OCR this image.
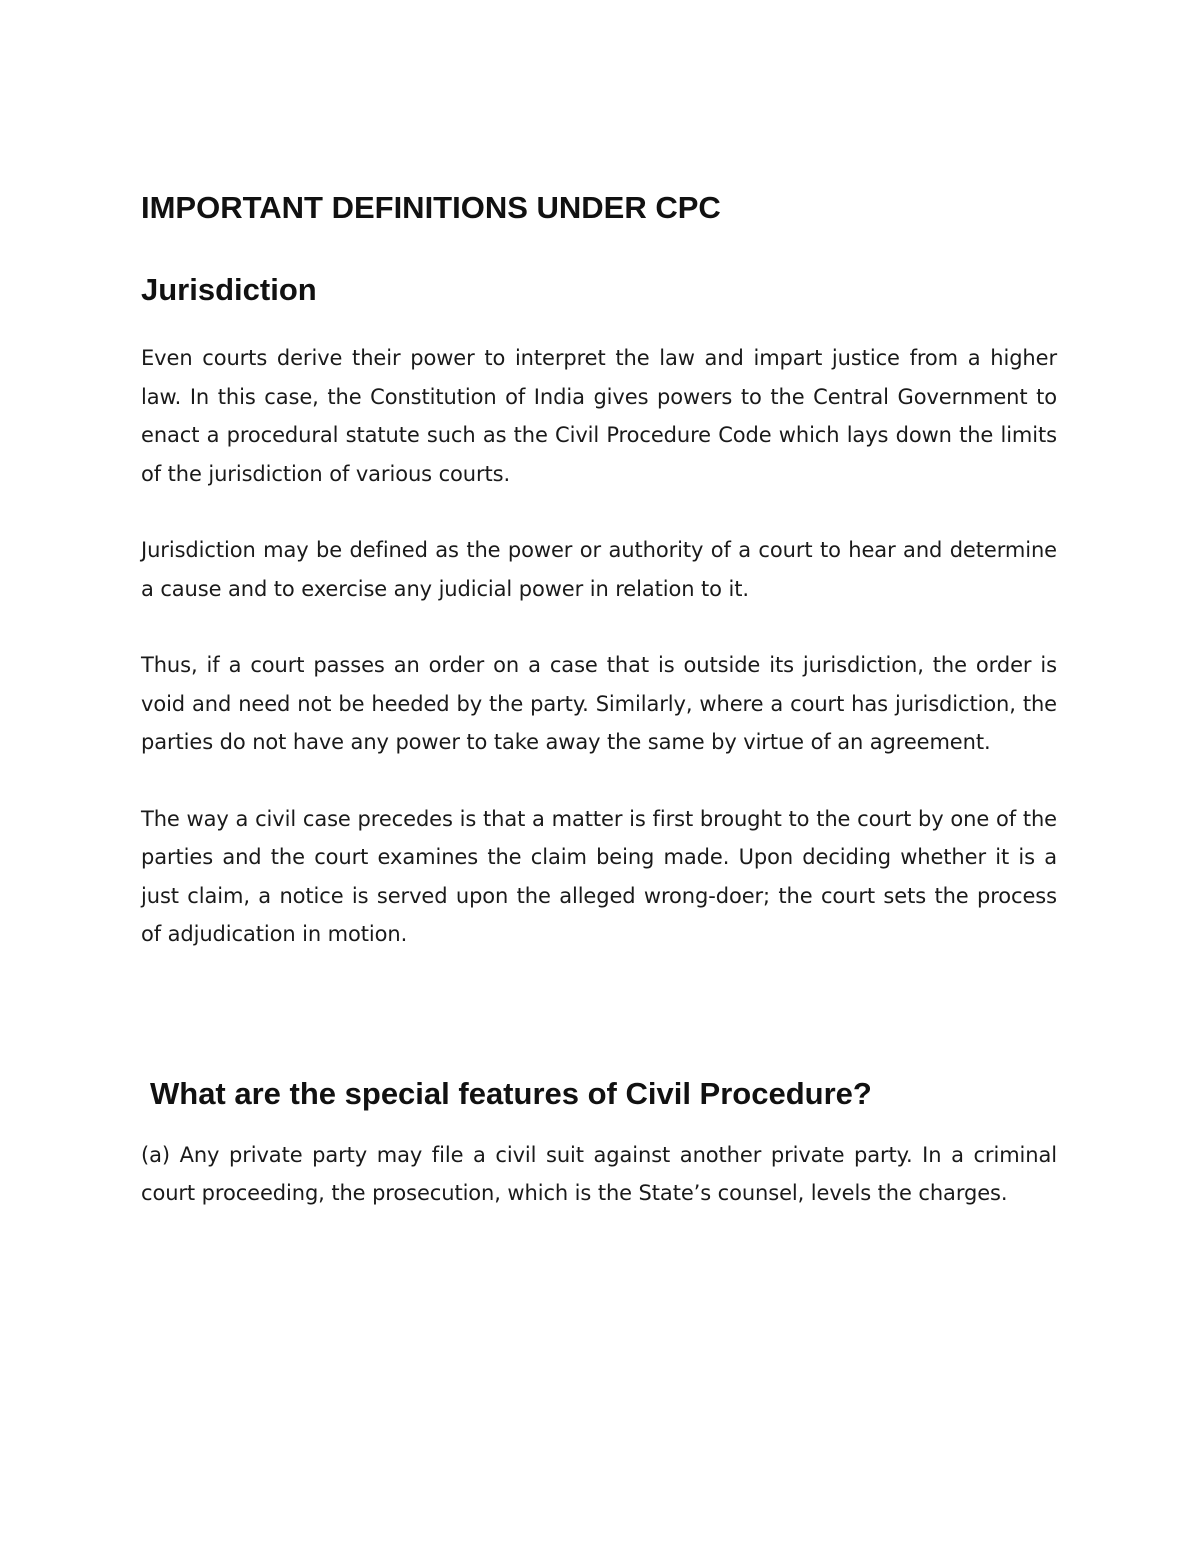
IMPORTANT DEFINITIONS UNDER CPC
Jurisdiction

Even courts derive their power to interpret the law and impart justice from a higher law. In this case, the Constitution of India gives powers to the Central Government to enact a procedural statute such as the Civil Procedure Code which lays down the limits of the jurisdiction of various courts.

Jurisdiction may be defined as the power or authority of a court to hear and determine a cause and to exercise any judicial power in relation to it.

Thus, if a court passes an order on a case that is outside its jurisdiction, the order is void and need not be heeded by the party. Similarly, where a court has jurisdiction, the parties do not have any power to take away the same by virtue of an agreement.

The way a civil case precedes is that a matter is first brought to the court by one of the parties and the court examines the claim being made. Upon deciding whether it is a just claim, a notice is served upon the alleged wrong-doer; the court sets the process of adjudication in motion.

What are the special features of Civil Procedure?

(a) Any private party may file a civil suit against another private party. In a criminal court proceeding, the prosecution, which is the State’s counsel, levels the charges.
